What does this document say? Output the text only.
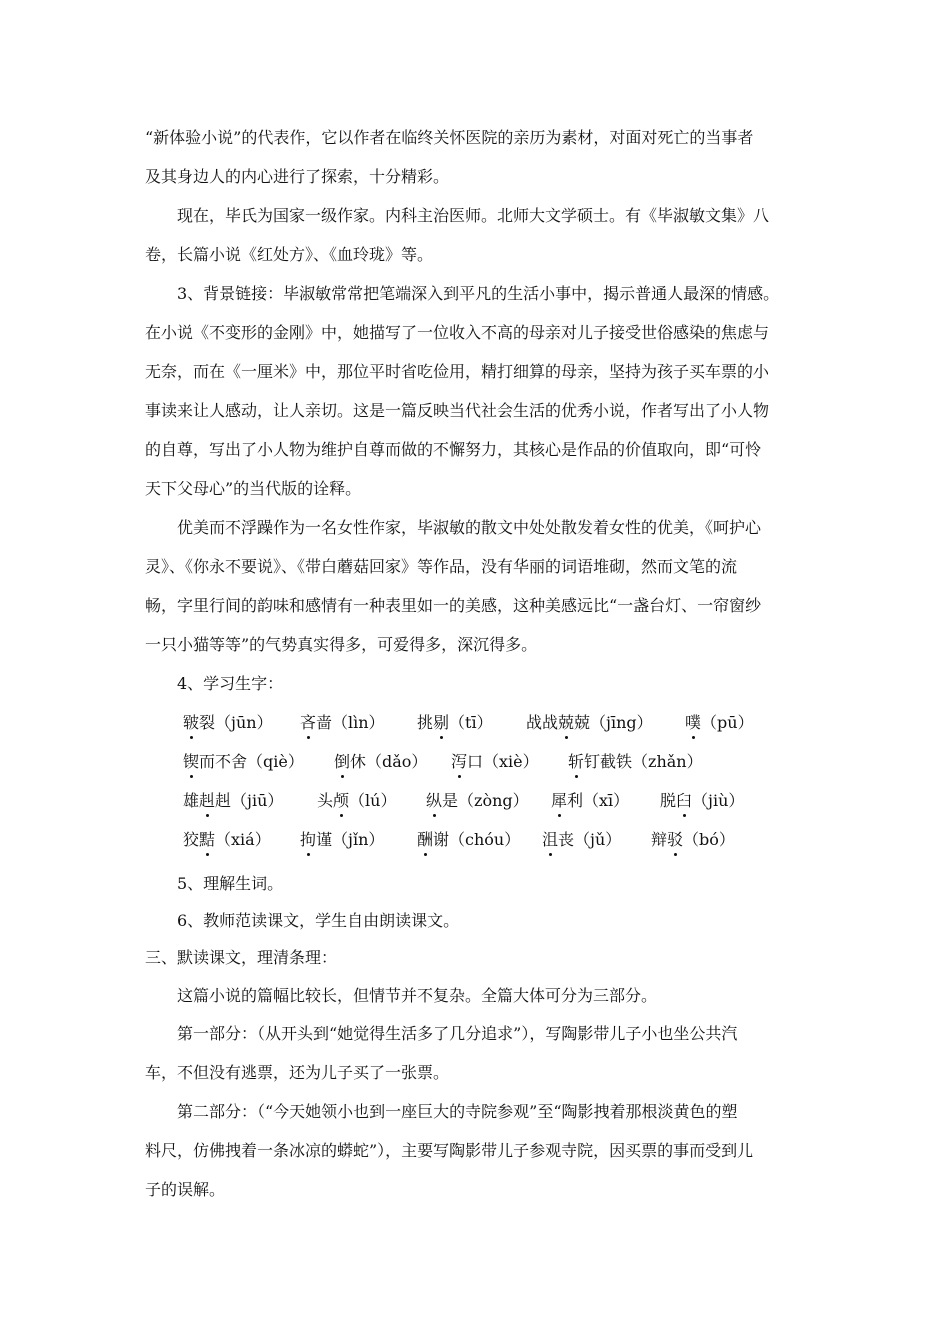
“新体验小说”的代表作，它以作者在临终关怀医院的亲历为素材，对面对死亡的当事者
及其身边人的内心进行了探索，十分精彩。
现在，毕氏为国家一级作家。内科主治医师。北师大文学硕士。有《毕淑敏文集》八
卷，长篇小说《红处方》、《血玲珑》等。
3、背景链接：毕淑敏常常把笔端深入到平凡的生活小事中，揭示普通人最深的情感。
在小说《不变形的金刚》中，她描写了一位收入不高的母亲对儿子接受世俗感染的焦虑与
无奈，而在《一厘米》中，那位平时省吃俭用，精打细算的母亲，坚持为孩子买车票的小
事读来让人感动，让人亲切。这是一篇反映当代社会生活的优秀小说，作者写出了小人物
的自尊，写出了小人物为维护自尊而做的不懈努力，其核心是作品的价值取向，即“可怜
天下父母心”的当代版的诠释。
优美而不浮躁作为一名女性作家，毕淑敏的散文中处处散发着女性的优美，《呵护心
灵》、《你永不要说》、《带白蘑菇回家》等作品，没有华丽的词语堆砌，然而文笔的流
畅，字里行间的韵味和感情有一种表里如一的美感，这种美感远比“一盏台灯、一帘窗纱
一只小猫等等”的气势真实得多，可爱得多，深沉得多。
4、学习生字：
皲裂（jūn） 吝啬（lìn） 挑剔（tī） 战战兢兢（jīng） 噗（pū）
锲而不舍（qiè） 倒休（dǎo） 泻口（xiè） 斩钉截铁（zhǎn）
雄赳赳（jiū） 头颅（lú） 纵是（zòng） 犀利（xī） 脱臼（jiù）
狡黠（xiá） 拘谨（jǐn） 酬谢（chóu） 沮丧（jǔ） 辩驳（bó）
5、理解生词。
6、教师范读课文，学生自由朗读课文。
三、默读课文，理清条理：
这篇小说的篇幅比较长，但情节并不复杂。全篇大体可分为三部分。
第一部分：（从开头到“她觉得生活多了几分追求”），写陶影带儿子小也坐公共汽
车，不但没有逃票，还为儿子买了一张票。
第二部分：（“今天她领小也到一座巨大的寺院参观”至“陶影拽着那根淡黄色的塑
料尺，仿佛拽着一条冰凉的蟒蛇”），主要写陶影带儿子参观寺院，因买票的事而受到儿
子的误解。
